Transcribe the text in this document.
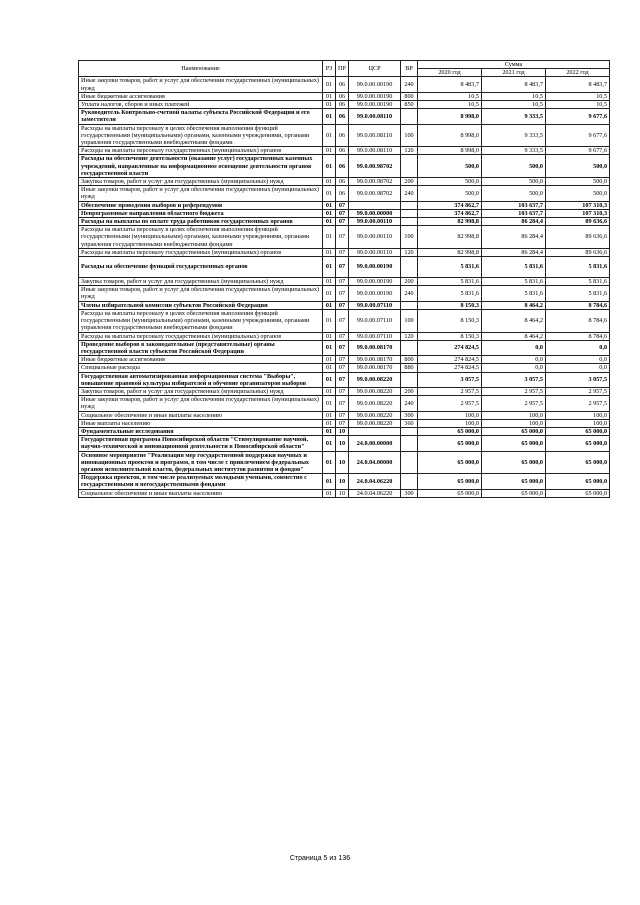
Наименование	РЗ	ПР	ЦСР	ВР	Сумма		
					2020 год	2021 год	2022 год
Иные закупки товаров, работ и услуг для обеспечения государственных (муниципальных) нужд	01	06	99.0.00.00190	240	8 483,7	8 483,7	8 483,7
Иные бюджетные ассигнования	01	06	99.0.00.00190	800	10,5	10,5	10,5
Уплата налогов, сборов и иных платежей	01	06	99.0.00.00190	850	10,5	10,5	10,5
Руководитель Контрольно-счетной палаты субъекта Российской Федерации и его заместители	01	06	99.0.00.08110		8 998,0	9 333,5	9 677,6
Расходы на выплаты персоналу в целях обеспечения выполнения функций государственными (муниципальными) органами, казенными учреждениями, органами управления государственными внебюджетными фондами	01	06	99.0.00.08110	100	8 998,0	9 333,5	9 677,6
Расходы на выплаты персоналу государственных (муниципальных) органов	01	06	99.0.00.08110	120	8 998,0	9 333,5	9 677,6
Расходы на обеспечение деятельности (оказание услуг) государственных казенных учреждений, направленные на информационное освещение деятельности органов государственной власти	01	06	99.0.00.98702		500,0	500,0	500,0
Закупка товаров, работ и услуг для государственных (муниципальных) нужд	01	06	99.0.00.98702	200	500,0	500,0	500,0
Иные закупки товаров, работ и услуг для обеспечения государственных (муниципальных) нужд	01	06	99.0.00.98702	240	500,0	500,0	500,0
Обеспечение проведения выборов и референдумов	01	07			374 862,7	103 637,7	107 310,3
Непрограммные направления областного бюджета	01	07	99.0.00.00000		374 862,7	103 637,7	107 310,3
Расходы на выплаты по оплате труда работников государственных органов	01	07	99.0.00.00110		82 998,8	86 284,4	89 636,6
Расходы на выплаты персоналу в целях обеспечения выполнения функций государственными (муниципальными) органами, казенными учреждениями, органами управления государственными внебюджетными фондами	01	07	99.0.00.00110	100	82 998,8	86 284,4	89 636,6
Расходы на выплаты персоналу государственных (муниципальных) органов	01	07	99.0.00.00110	120	82 998,8	86 284,4	89 636,6
Расходы на обеспечение функций государственных органов	01	07	99.0.00.00190		5 831,6	5 831,6	5 831,6
Закупка товаров, работ и услуг для государственных (муниципальных) нужд	01	07	99.0.00.00190	200	5 831,6	5 831,6	5 831,6
Иные закупки товаров, работ и услуг для обеспечения государственных (муниципальных) нужд	01	07	99.0.00.00190	240	5 831,6	5 831,6	5 831,6
Члены избирательной комиссии субъектов Российской Федерации	01	07	99.0.00.07110		8 150,3	8 464,2	8 784,6
Расходы на выплаты персоналу в целях обеспечения выполнения функций государственными (муниципальными) органами, казенными учреждениями, органами управления государственными внебюджетными фондами	01	07	99.0.00.07110	100	8 150,3	8 464,2	8 784,6
Расходы на выплаты персоналу государственных (муниципальных) органов	01	07	99.0.00.07110	120	8 150,3	8 464,2	8 784,6
Проведение выборов в законодательные (представительные) органы государственной власти субъектов Российской Федерации	01	07	99.0.00.08170		274 824,5	0,0	0,0
Иные бюджетные ассигнования	01	07	99.0.00.08170	800	274 824,5	0,0	0,0
Специальные расходы	01	07	99.0.00.08170	880	274 824,5	0,0	0,0
Государственная автоматизированная информационная система "Выборы", повышение правовой культуры избирателей и обучение организаторов выборов	01	07	99.0.00.08220		3 057,5	3 057,5	3 057,5
Закупка товаров, работ и услуг для государственных (муниципальных) нужд	01	07	99.0.00.08220	200	2 957,5	2 957,5	2 957,5
Иные закупки товаров, работ и услуг для обеспечения государственных (муниципальных) нужд	01	07	99.0.00.08220	240	2 957,5	2 957,5	2 957,5
Социальное обеспечение и иные выплаты населению	01	07	99.0.00.08220	300	100,0	100,0	100,0
Иные выплаты населению	01	07	99.0.00.08220	360	100,0	100,0	100,0
Фундаментальные исследования	01	10			65 000,0	65 000,0	65 000,0
Государственная программа Новосибирской области "Стимулирование научной, научно-технической и инновационной деятельности в Новосибирской области"	01	10	24.0.00.00000		65 000,0	65 000,0	65 000,0
Основное мероприятие "Реализация мер государственной поддержки научных и инновационных проектов и программ, в том числе с привлечением федеральных органов исполнительной власти, федеральных институтов развития и фондов"	01	10	24.0.04.00000		65 000,0	65 000,0	65 000,0
Поддержка проектов, в том числе реализуемых молодыми учеными, совместно с государственными и негосударственными фондами	01	10	24.0.04.06220		65 000,0	65 000,0	65 000,0
Социальное обеспечение и иные выплаты населению	01	10	24.0.04.06220	300	65 000,0	65 000,0	65 000,0
Страница 5 из 136
